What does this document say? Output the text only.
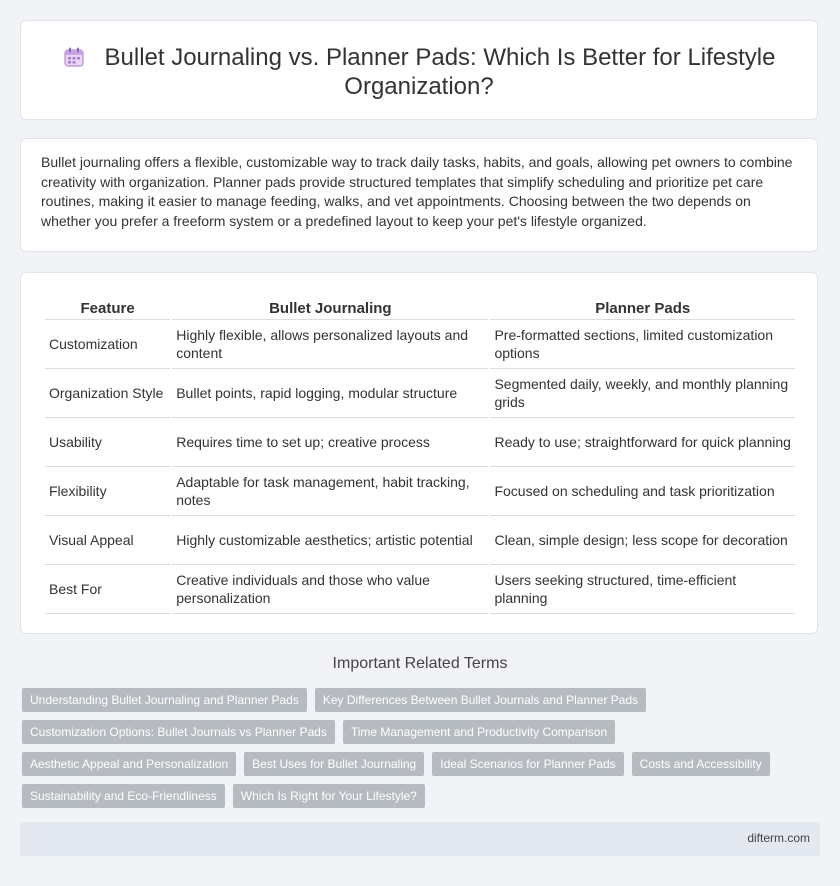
Bullet Journaling vs. Planner Pads: Which Is Better for Lifestyle Organization?

Bullet journaling offers a flexible, customizable way to track daily tasks, habits, and goals, allowing pet owners to combine creativity with organization. Planner pads provide structured templates that simplify scheduling and prioritize pet care routines, making it easier to manage feeding, walks, and vet appointments. Choosing between the two depends on whether you prefer a freeform system or a predefined layout to keep your pet's lifestyle organized.

Feature	Bullet Journaling	Planner Pads
Customization	Highly flexible, allows personalized layouts and content	Pre-formatted sections, limited customization options
Organization Style	Bullet points, rapid logging, modular structure	Segmented daily, weekly, and monthly planning grids
Usability	Requires time to set up; creative process	Ready to use; straightforward for quick planning
Flexibility	Adaptable for task management, habit tracking, notes	Focused on scheduling and task prioritization
Visual Appeal	Highly customizable aesthetics; artistic potential	Clean, simple design; less scope for decoration
Best For	Creative individuals and those who value personalization	Users seeking structured, time-efficient planning
Important Related Terms
Understanding Bullet Journaling and Planner Pads	Key Differences Between Bullet Journals and Planner Pads
Customization Options: Bullet Journals vs Planner Pads	Time Management and Productivity Comparison
Aesthetic Appeal and Personalization	Best Uses for Bullet Journaling	Ideal Scenarios for Planner Pads	Costs and Accessibility
Sustainability and Eco-Friendliness	Which Is Right for Your Lifestyle?
difterm.com
